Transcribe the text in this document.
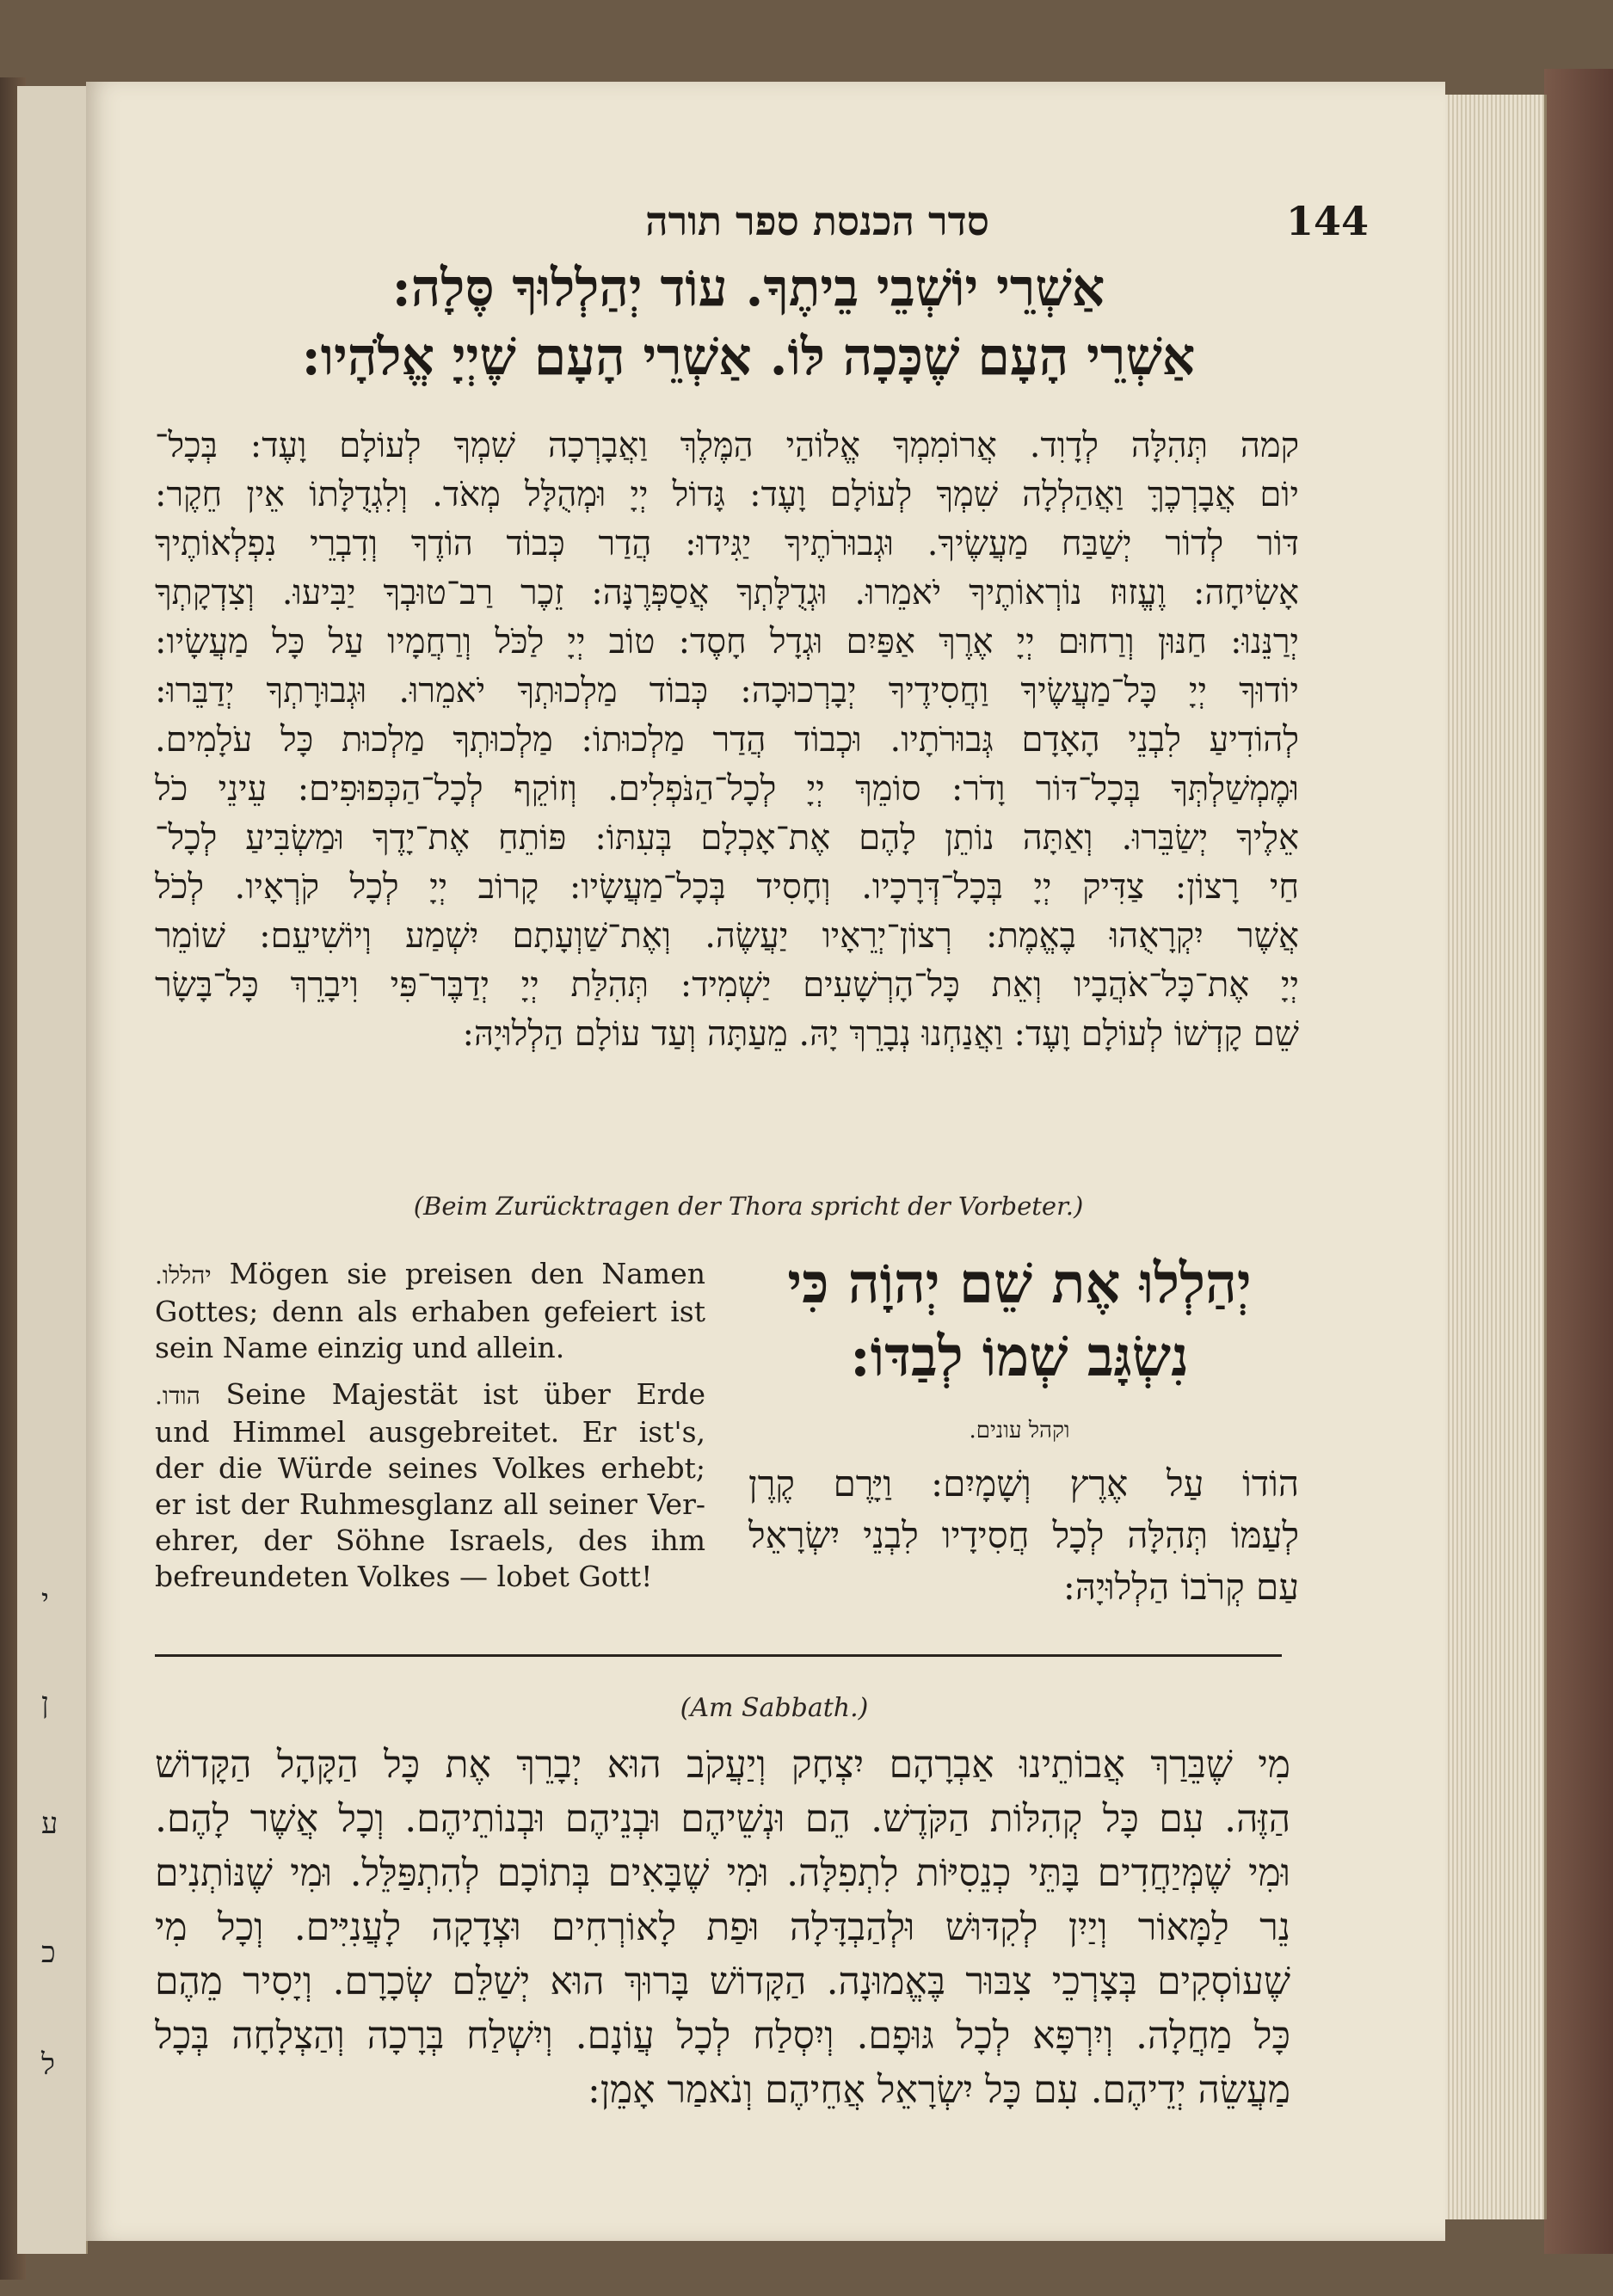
י
ן
ע
כ
ל
סדר הכנסת ספר תורה	144
אַשְׁרֵי יוֹשְׁבֵי בֵיתֶךָ. עוֹד יְהַלְלוּךָ סֶּלָה:
אַשְׁרֵי הָעָם שֶׁכָּכָה לּוֹ. אַשְׁרֵי הָעָם שֶׁיְיָ אֱלֹהָיו:
קמה תְּהִלָּה לְדָוִד. אֲרוֹמִמְךָ אֱלוֹהַי הַמֶּלֶךְ וַאֲבָרְכָה שִׁמְךָ לְעוֹלָם וָעֶד: בְּכָל־
יוֹם אֲבָרְכֶךָּ וַאֲהַלְלָה שִׁמְךָ לְעוֹלָם וָעֶד: גָּדוֹל יְיָ וּמְהֻלָּל מְאֹד. וְלִגְדֻלָּתוֹ אֵין חֵקֶר:
דּוֹר לְדוֹר יְשַׁבַּח מַעֲשֶׂיךָ. וּגְבוּרֹתֶיךָ יַגִּידוּ: הֲדַר כְּבוֹד הוֹדֶךָ וְדִבְרֵי נִפְלְאוֹתֶיךָ
אָשִׂיחָה: וֶעֱזוּז נוֹרְאוֹתֶיךָ יֹאמֵרוּ. וּגְדֻלָּתְךָ אֲסַפְּרֶנָּה: זֵכֶר רַב־טוּבְךָ יַבִּיעוּ. וְצִדְקָתְךָ
יְרַנֵּנוּ: חַנּוּן וְרַחוּם יְיָ אֶרֶךְ אַפַּיִם וּגְדָל חָסֶד: טוֹב יְיָ לַכֹּל וְרַחֲמָיו עַל כָּל מַעֲשָׂיו:
יוֹדוּךָ יְיָ כָּל־מַעֲשֶׂיךָ וַחֲסִידֶיךָ יְבָרְכוּכָה: כְּבוֹד מַלְכוּתְךָ יֹאמֵרוּ. וּגְבוּרָתְךָ יְדַבֵּרוּ:
לְהוֹדִיעַ לִבְנֵי הָאָדָם גְּבוּרֹתָיו. וּכְבוֹד הֲדַר מַלְכוּתוֹ: מַלְכוּתְךָ מַלְכוּת כָּל עֹלָמִים.
וּמֶמְשַׁלְתְּךָ בְּכָל־דּוֹר וָדֹר: סוֹמֵךְ יְיָ לְכָל־הַנֹּפְלִים. וְזוֹקֵף לְכָל־הַכְּפוּפִים: עֵינֵי כֹל
אֵלֶיךָ יְשַׂבֵּרוּ. וְאַתָּה נוֹתֵן לָהֶם אֶת־אָכְלָם בְּעִתּוֹ: פּוֹתֵחַ אֶת־יָדֶךָ וּמַשְׂבִּיעַ לְכָל־
חַי רָצוֹן: צַדִּיק יְיָ בְּכָל־דְּרָכָיו. וְחָסִיד בְּכָל־מַעֲשָׂיו: קָרוֹב יְיָ לְכָל קֹרְאָיו. לְכֹל
אֲשֶׁר יִקְרָאֻהוּ בֶאֱמֶת: רְצוֹן־יְרֵאָיו יַעֲשֶׂה. וְאֶת־שַׁוְעָתָם יִשְׁמַע וְיוֹשִׁיעֵם: שׁוֹמֵר
יְיָ אֶת־כָּל־אֹהֲבָיו וְאֵת כָּל־הָרְשָׁעִים יַשְׁמִיד: תְּהִלַּת יְיָ יְדַבֶּר־פִּי וִיבָרֵךְ כָּל־בָּשָׂר
שֵׁם קָדְשׁוֹ לְעוֹלָם וָעֶד: וַאֲנַחְנוּ נְבָרֵךְ יָהּ. מֵעַתָּה וְעַד עוֹלָם הַלְלוּיָהּ:
(Beim Zurücktragen der Thora spricht der Vorbeter.)
יהללו. Mögen sie preisen den Namen
Gottes; denn als erhaben gefeiert ist
sein Name einzig und allein.
הודו. Seine Majestät ist über Erde
und Himmel ausgebreitet. Er ist's,
der die Würde seines Volkes erhebt;
er ist der Ruhmesglanz all seiner Ver-
ehrer, der Söhne Israels, des ihm
befreundeten Volkes — lobet Gott!
יְהַלְלוּ אֶת שֵׁם יְהוָֹה כִּי
נִשְׂגָּב שְׁמוֹ לְבַדּוֹ:
וקהל עונים.
הוֹדוֹ עַל אֶרֶץ וְשָׁמָיִם: וַיָּרֶם קֶרֶן
לְעַמּוֹ תְּהִלָּה לְכָל חֲסִידָיו לִבְנֵי יִשְׂרָאֵל
עַם קְרֹבוֹ הַלְלוּיָהּ:
(Am Sabbath.)
מִי שֶׁבֵּרַךְ אֲבוֹתֵינוּ אַבְרָהָם יִצְחָק וְיַעֲקֹב הוּא יְבָרֵךְ אֶת כָּל הַקָּהָל הַקָּדוֹשׁ
הַזֶּה. עִם כָּל קְהִלּוֹת הַקֹּדֶשׁ. הֵם וּנְשֵׁיהֶם וּבְנֵיהֶם וּבְנוֹתֵיהֶם. וְכָל אֲשֶׁר לָהֶם.
וּמִי שֶׁמְּיַחֲדִים בָּתֵּי כְנֵסִיּוֹת לִתְפִלָּה. וּמִי שֶׁבָּאִים בְּתוֹכָם לְהִתְפַּלֵּל. וּמִי שֶׁנּוֹתְנִים
נֵר לַמָּאוֹר וְיַיִן לְקִדּוּשׁ וּלְהַבְדָּלָה וּפַת לָאוֹרְחִים וּצְדָקָה לָעֲנִיִּים. וְכָל מִי
שֶׁעוֹסְקִים בְּצָרְכֵי צִבּוּר בֶּאֱמוּנָה. הַקָּדוֹשׁ בָּרוּךְ הוּא יְשַׁלֵּם שְׂכָרָם. וְיָסִיר מֵהֶם
כָּל מַחֲלָה. וְיִרְפָּא לְכָל גּוּפָם. וְיִסְלַח לְכָל עֲוֹנָם. וְיִשְׁלַח בְּרָכָה וְהַצְלָחָה בְּכָל
מַעֲשֵׂה יְדֵיהֶם. עִם כָּל יִשְׂרָאֵל אֲחֵיהֶם וְנֹאמַר אָמֵן:
